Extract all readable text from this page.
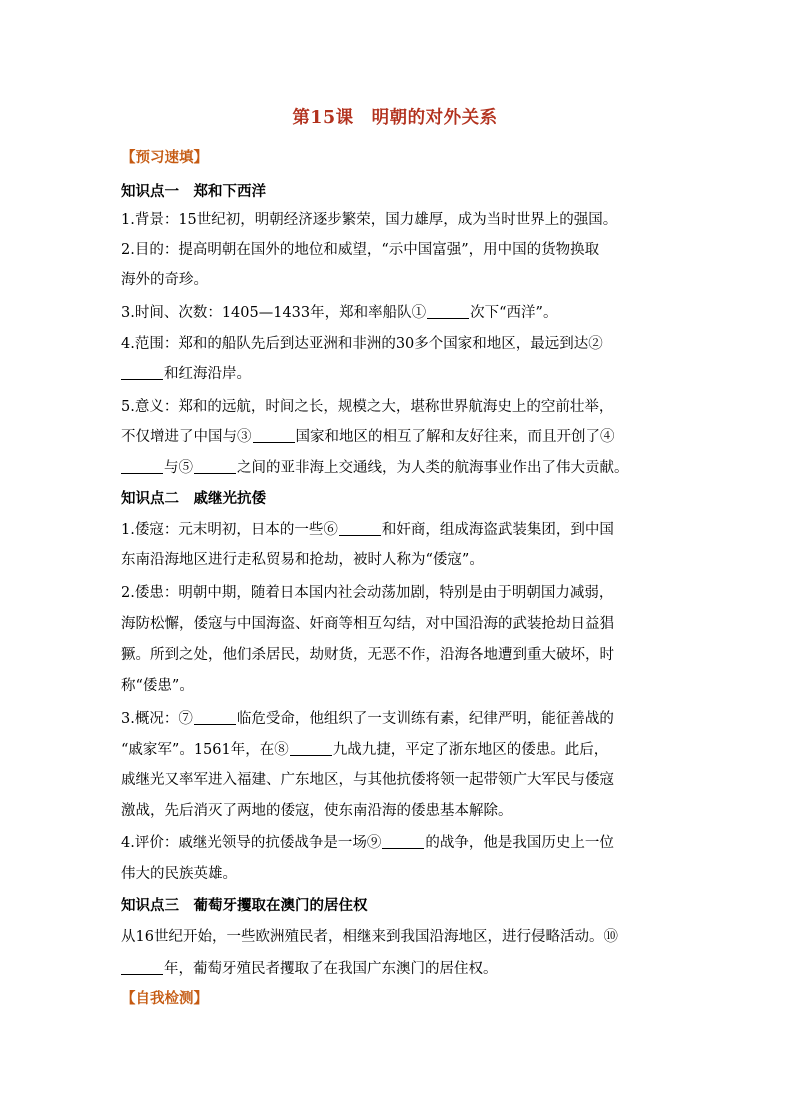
第15课　明朝的对外关系
【预习速填】
知识点一　郑和下西洋
1.背景：15世纪初，明朝经济逐步繁荣，国力雄厚，成为当时世界上的强国。
2.目的：提高明朝在国外的地位和威望，“示中国富强”，用中国的货物换取
海外的奇珍。
3.时间、次数：1405—1433年，郑和率船队①	次下“西洋”。
4.范围：郑和的船队先后到达亚洲和非洲的30多个国家和地区，最远到达②
和红海沿岸。
5.意义：郑和的远航，时间之长，规模之大，堪称世界航海史上的空前壮举，
不仅增进了中国与③	国家和地区的相互了解和友好往来，而且开创了④
与⑤	之间的亚非海上交通线，为人类的航海事业作出了伟大贡献。
知识点二　戚继光抗倭
1.倭寇：元末明初，日本的一些⑥	和奸商，组成海盗武装集团，到中国
东南沿海地区进行走私贸易和抢劫，被时人称为“倭寇”。
2.倭患：明朝中期，随着日本国内社会动荡加剧，特别是由于明朝国力减弱，
海防松懈，倭寇与中国海盗、奸商等相互勾结，对中国沿海的武装抢劫日益猖
獗。所到之处，他们杀居民，劫财货，无恶不作，沿海各地遭到重大破坏，时
称“倭患”。
3.概况：⑦	临危受命，他组织了一支训练有素，纪律严明，能征善战的
“戚家军”。1561年，在⑧	九战九捷，平定了浙东地区的倭患。此后，
戚继光又率军进入福建、广东地区，与其他抗倭将领一起带领广大军民与倭寇
激战，先后消灭了两地的倭寇，使东南沿海的倭患基本解除。
4.评价：戚继光领导的抗倭战争是一场⑨	的战争，他是我国历史上一位
伟大的民族英雄。
知识点三　葡萄牙攫取在澳门的居住权
从16世纪开始，一些欧洲殖民者，相继来到我国沿海地区，进行侵略活动。⑩
年，葡萄牙殖民者攫取了在我国广东澳门的居住权。
【自我检测】
